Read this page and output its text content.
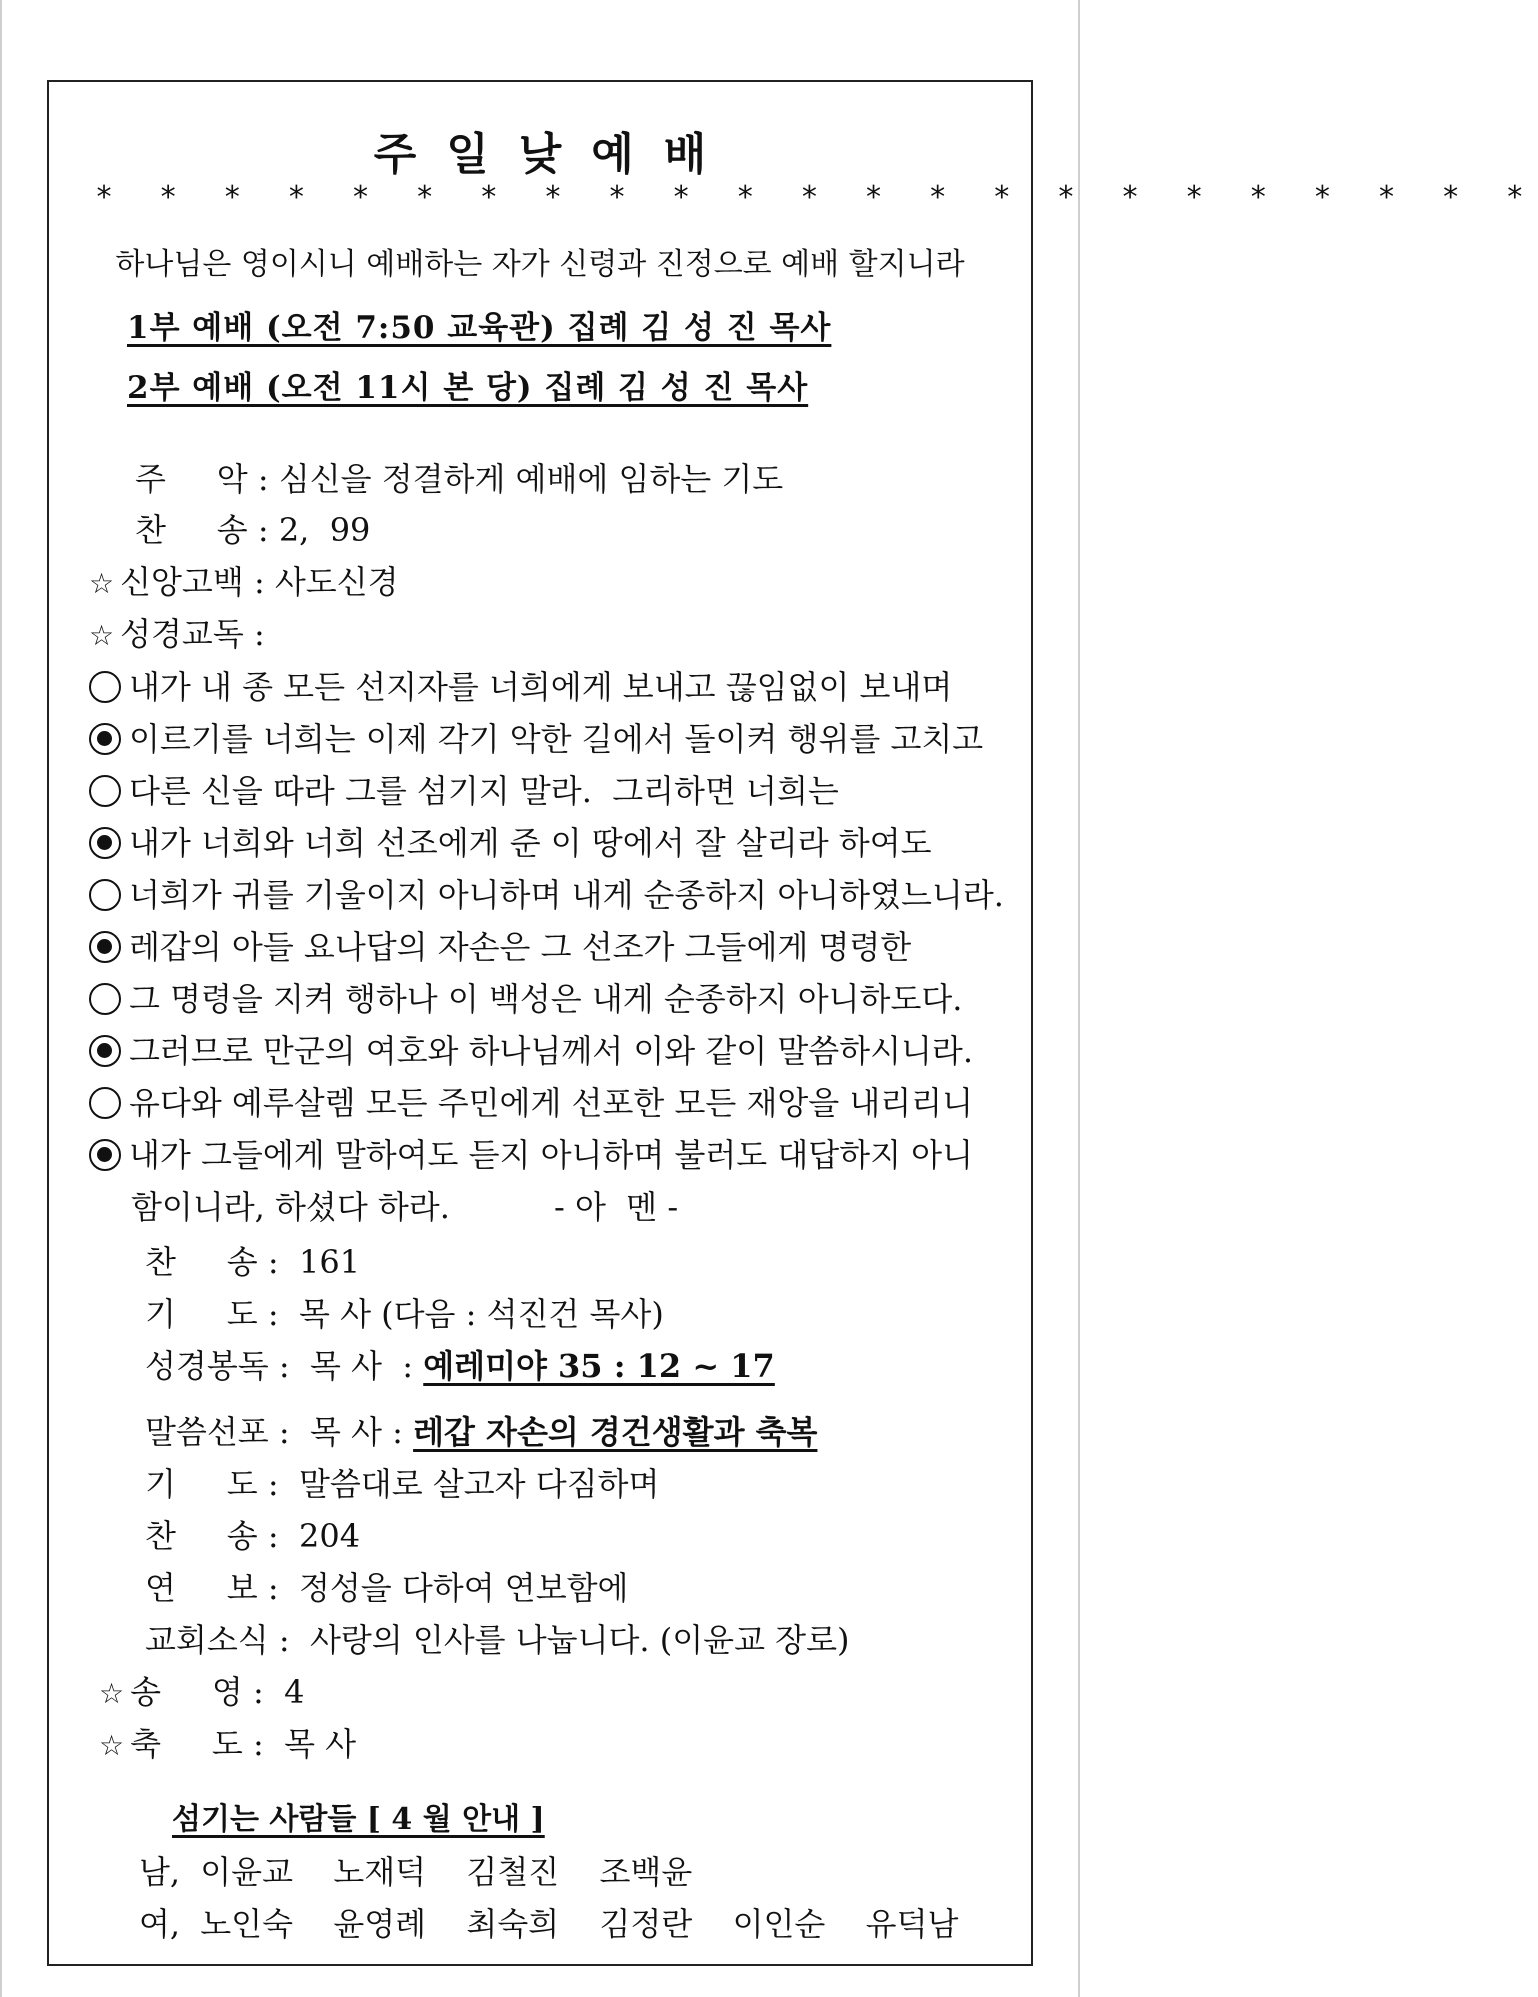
주일낮예배
* * * * * * * * * * * * * * * * * * * * * * *
하나님은 영이시니 예배하는 자가 신령과 진정으로 예배 할지니라
1부 예배 (오전 7:50 교육관) 집례 김 성 진 목사
2부 예배 (오전 11시 본 당) 집례 김 성 진 목사
주     악 : 심신을 정결하게 예배에 임하는 기도
찬     송 : 2,  99
☆ 신앙고백 : 사도신경
☆ 성경교독 :
내가 내 종 모든 선지자를 너희에게 보내고 끊임없이 보내며
이르기를 너희는 이제 각기 악한 길에서 돌이켜 행위를 고치고
다른 신을 따라 그를 섬기지 말라.  그리하면 너희는
내가 너희와 너희 선조에게 준 이 땅에서 잘 살리라 하여도
너희가 귀를 기울이지 아니하며 내게 순종하지 아니하였느니라.
레갑의 아들 요나답의 자손은 그 선조가 그들에게 명령한
그 명령을 지켜 행하나 이 백성은 내게 순종하지 아니하도다.
그러므로 만군의 여호와 하나님께서 이와 같이 말씀하시니라.
유다와 예루살렘 모든 주민에게 선포한 모든 재앙을 내리리니
내가 그들에게 말하여도 듣지 아니하며 불러도 대답하지 아니
함이니라, 하셨다 하라.	- 아  멘 -
찬     송 :  161
기     도 :  목 사 (다음 : 석진건 목사)
성경봉독 :  목 사  : 예레미야 35 : 12 ~ 17
말씀선포 :  목 사 : 레갑 자손의 경건생활과 축복
기     도 :  말씀대로 살고자 다짐하며
찬     송 :  204
연     보 :  정성을 다하여 연보함에
교회소식 :  사랑의 인사를 나눕니다. (이윤교 장로)
☆ 송     영 :  4
☆ 축     도 :  목 사
섬기는 사람들 [ 4 월 안내 ]
남, 이윤교  노재덕  김철진  조백윤
여, 노인숙  윤영례  최숙희  김정란  이인순  유덕남
